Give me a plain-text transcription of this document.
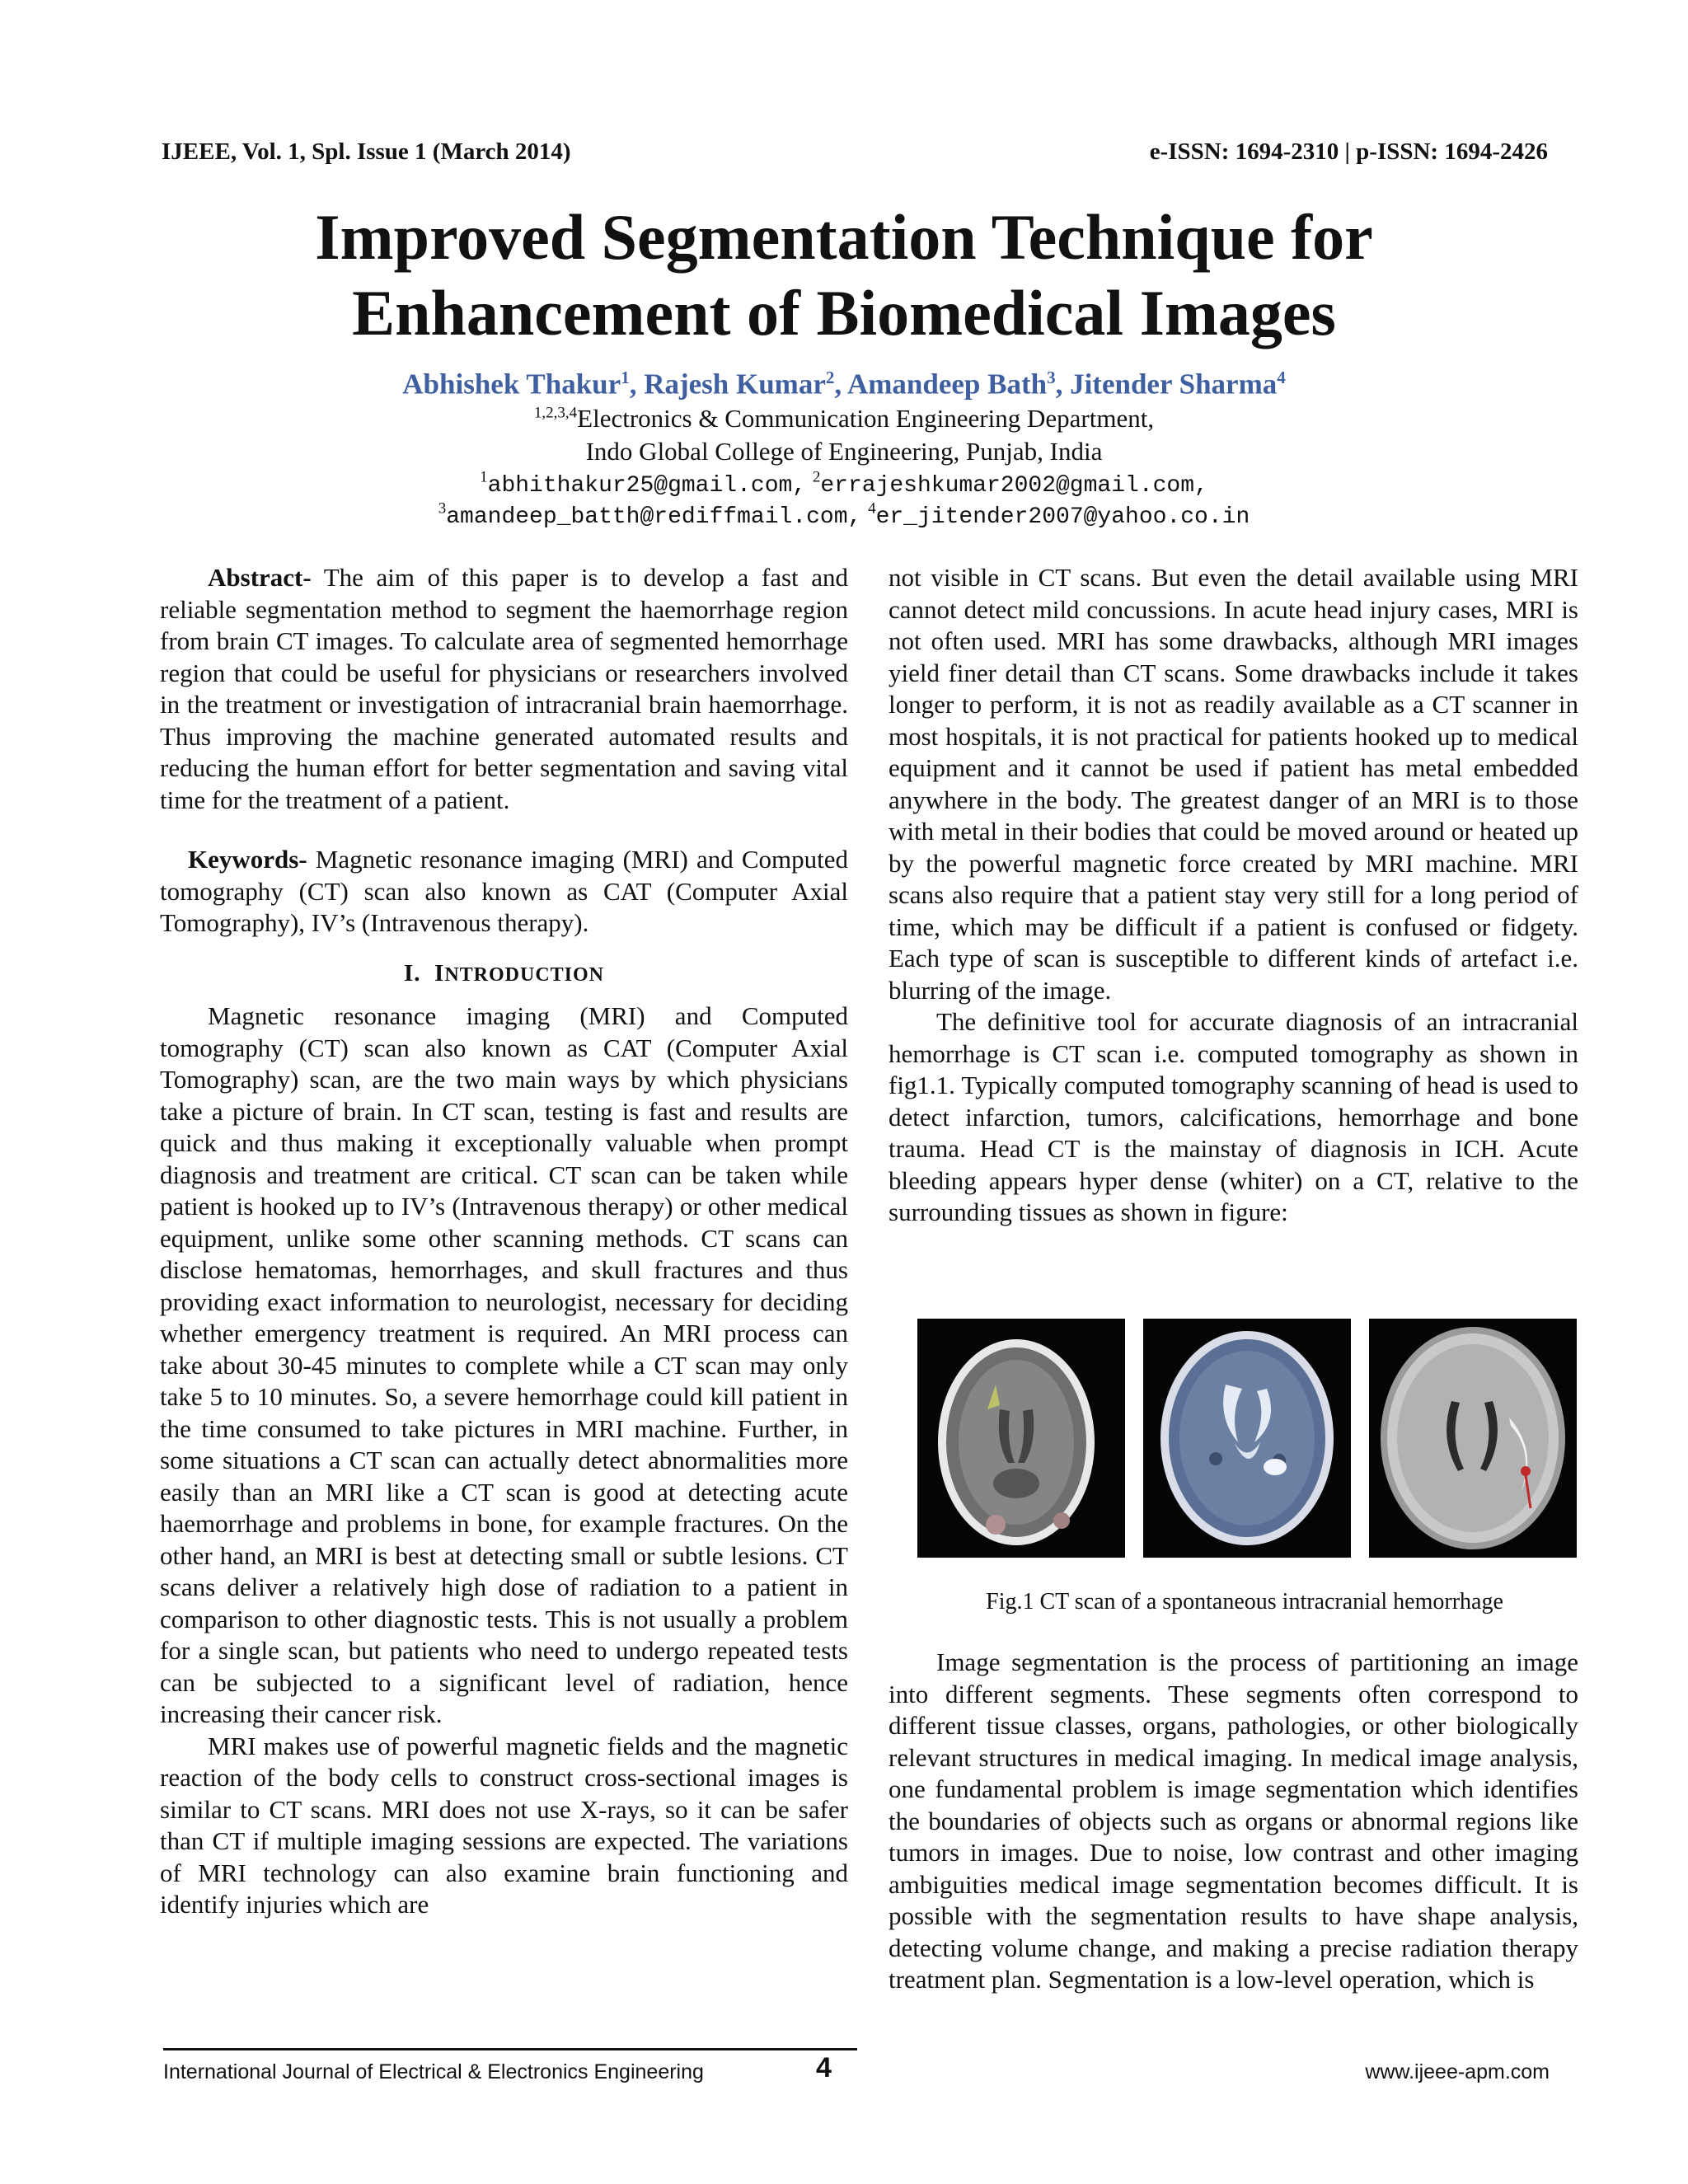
IJEEE, Vol. 1, Spl. Issue 1 (March 2014)	e-ISSN: 1694-2310 | p-ISSN: 1694-2426
Improved Segmentation Technique for
Enhancement of Biomedical Images
Abhishek Thakur$^1$, Rajesh Kumar$^2$, Amandeep Bath$^3$, Jitender Sharma$^4$
$^{1,2,3,4}$Electronics & Communication Engineering Department,
Indo Global College of Engineering, Punjab, India
$^1$abhithakur25@gmail.com, $^2$errajeshkumar2002@gmail.com,
$^3$amandeep_batth@rediffmail.com, $^4$er_jitender2007@yahoo.co.in

Abstract- The aim of this paper is to develop a fast and reliable segmentation method to segment the haemorrhage region from brain CT images. To calculate area of segmented hemorrhage region that could be useful for physicians or researchers involved in the treatment or investigation of intracranial brain haemorrhage. Thus improving the machine generated automated results and reducing the human effort for better segmentation and saving vital time for the treatment of a patient.

Keywords- Magnetic resonance imaging (MRI) and Computed tomography (CT) scan also known as CAT (Computer Axial Tomography), IV’s (Intravenous therapy).

I. INTRODUCTION

Magnetic resonance imaging (MRI) and Computed tomography (CT) scan also known as CAT (Computer Axial Tomography) scan, are the two main ways by which physicians take a picture of brain. In CT scan, testing is fast and results are quick and thus making it exceptionally valuable when prompt diagnosis and treatment are critical. CT scan can be taken while patient is hooked up to IV’s (Intravenous therapy) or other medical equipment, unlike some other scanning methods. CT scans can disclose hematomas, hemorrhages, and skull fractures and thus providing exact information to neurologist, necessary for deciding whether emergency treatment is required. An MRI process can take about 30-45 minutes to complete while a CT scan may only take 5 to 10 minutes. So, a severe hemorrhage could kill patient in the time consumed to take pictures in MRI machine. Further, in some situations a CT scan can actually detect abnormalities more easily than an MRI like a CT scan is good at detecting acute haemorrhage and problems in bone, for example fractures. On the other hand, an MRI is best at detecting small or subtle lesions. CT scans deliver a relatively high dose of radiation to a patient in comparison to other diagnostic tests. This is not usually a problem for a single scan, but patients who need to undergo repeated tests can be subjected to a significant level of radiation, hence increasing their cancer risk.

MRI makes use of powerful magnetic fields and the magnetic reaction of the body cells to construct cross-sectional images is similar to CT scans. MRI does not use X-rays, so it can be safer than CT if multiple imaging sessions are expected. The variations of MRI technology can also examine brain functioning and identify injuries which are

not visible in CT scans. But even the detail available using MRI cannot detect mild concussions. In acute head injury cases, MRI is not often used. MRI has some drawbacks, although MRI images yield finer detail than CT scans. Some drawbacks include it takes longer to perform, it is not as readily available as a CT scanner in most hospitals, it is not practical for patients hooked up to medical equipment and it cannot be used if patient has metal embedded anywhere in the body. The greatest danger of an MRI is to those with metal in their bodies that could be moved around or heated up by the powerful magnetic force created by MRI machine. MRI scans also require that a patient stay very still for a long period of time, which may be difficult if a patient is confused or fidgety. Each type of scan is susceptible to different kinds of artefact i.e. blurring of the image.

The definitive tool for accurate diagnosis of an intracranial hemorrhage is CT scan i.e. computed tomography as shown in fig1.1. Typically computed tomography scanning of head is used to detect infarction, tumors, calcifications, hemorrhage and bone trauma. Head CT is the mainstay of diagnosis in ICH. Acute bleeding appears hyper dense (whiter) on a CT, relative to the surrounding tissues as shown in figure:

Fig.1 CT scan of a spontaneous intracranial hemorrhage

Image segmentation is the process of partitioning an image into different segments. These segments often correspond to different tissue classes, organs, pathologies, or other biologically relevant structures in medical imaging. In medical image analysis, one fundamental problem is image segmentation which identifies the boundaries of objects such as organs or abnormal regions like tumors in images. Due to noise, low contrast and other imaging ambiguities medical image segmentation becomes difficult. It is possible with the segmentation results to have shape analysis, detecting volume change, and making a precise radiation therapy treatment plan. Segmentation is a low-level operation, which is

International Journal of Electrical & Electronics Engineering	4	www.ijeee-apm.com
